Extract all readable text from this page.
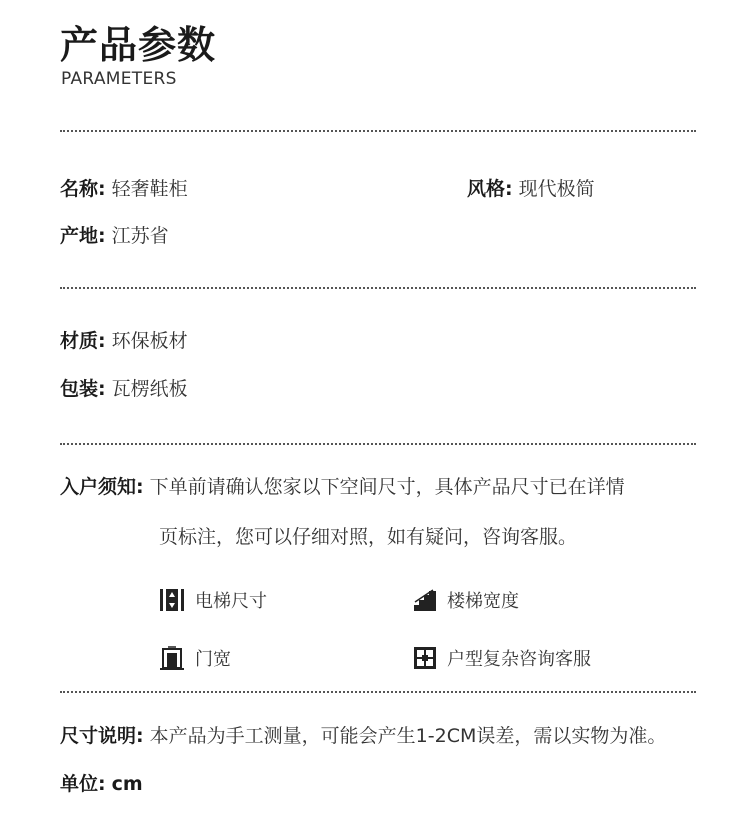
产品参数
PARAMETERS
名称: 轻奢鞋柜	风格: 现代极简
产地: 江苏省
材质: 环保板材
包装: 瓦楞纸板
入户须知: 下单前请确认您家以下空间尺寸，具体产品尺寸已在详情
页标注，您可以仔细对照，如有疑问，咨询客服。
电梯尺寸	楼梯宽度
门宽	户型复杂咨询客服
尺寸说明: 本产品为手工测量，可能会产生1-2CM误差，需以实物为准。
单位: cm
